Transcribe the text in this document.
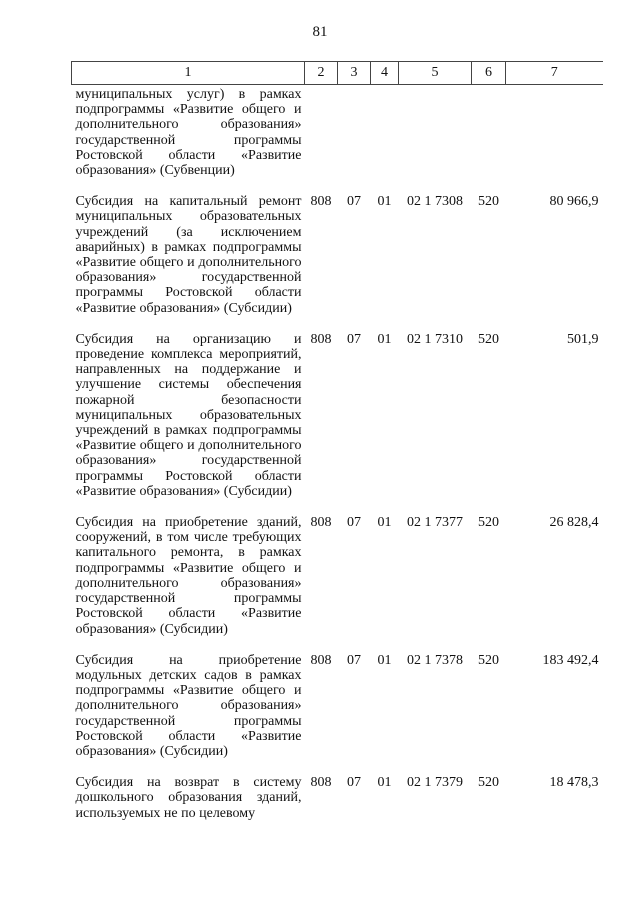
81
1	2	3	4	5	6	7
муниципальных услуг) в рамках подпрограммы «Развитие общего и дополнительного образования» государственной программы Ростовской области «Развитие образования» (Субвенции)						
Субсидия на капитальный ремонт муниципальных образовательных учреждений (за исключением аварийных) в рамках подпрограммы «Развитие общего и дополнительного образования» государственной программы Ростовской области «Развитие образования» (Субсидии)	808	07	01	02 1 7308	520	80 966,9
Субсидия на организацию и проведение комплекса мероприятий, направленных на поддержание и улучшение системы обеспечения пожарной безопасности муниципальных образовательных учреждений в рамках подпрограммы «Развитие общего и дополнительного образования» государственной программы Ростовской области «Развитие образования» (Субсидии)	808	07	01	02 1 7310	520	501,9
Субсидия на приобретение зданий, сооружений, в том числе требующих капитального ремонта, в рамках подпрограммы «Развитие общего и дополнительного образования» государственной программы Ростовской области «Развитие образования» (Субсидии)	808	07	01	02 1 7377	520	26 828,4
Субсидия на приобретение модульных детских садов в рамках подпрограммы «Развитие общего и дополнительного образования» государственной программы Ростовской области «Развитие образования» (Субсидии)	808	07	01	02 1 7378	520	183 492,4
Субсидия на возврат в систему дошкольного образования зданий, используемых не по целевому	808	07	01	02 1 7379	520	18 478,3
